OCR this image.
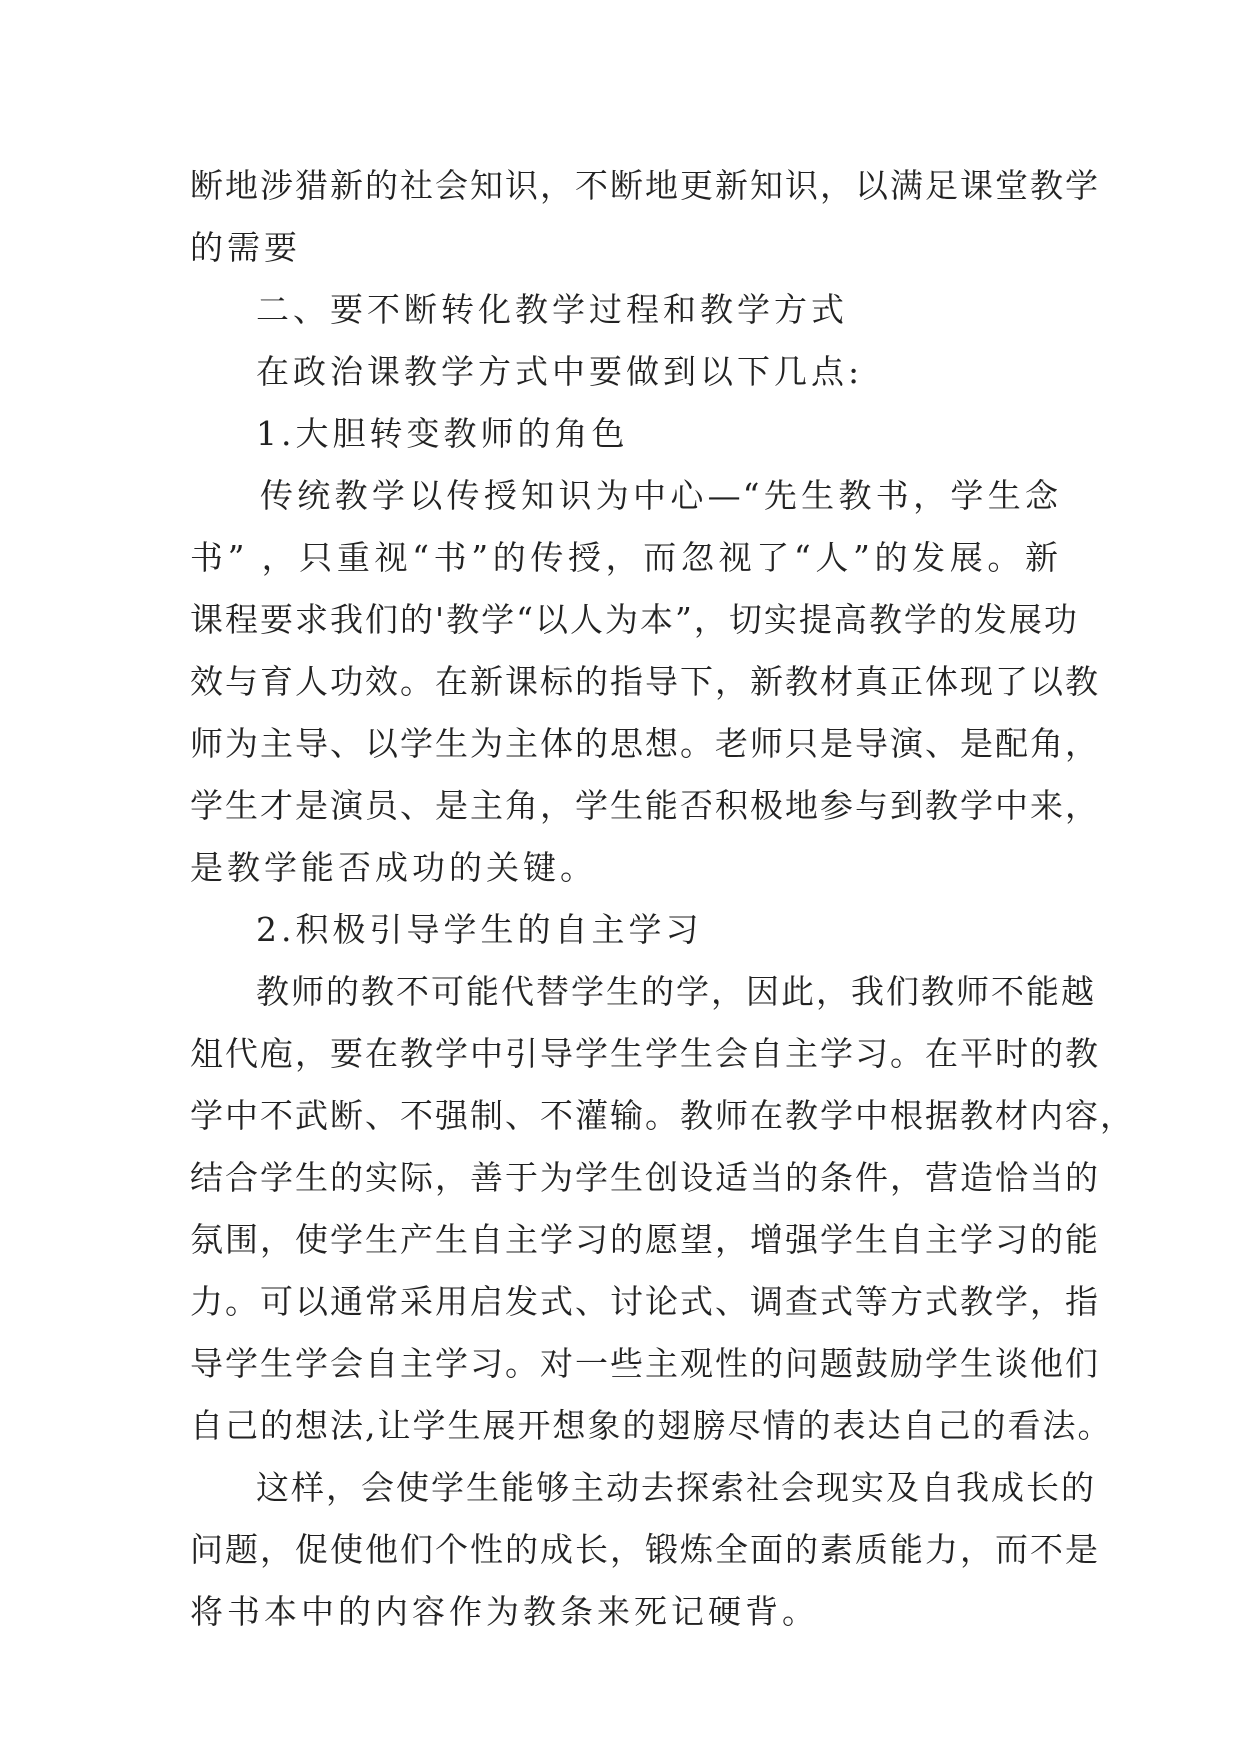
断地涉猎新的社会知识，不断地更新知识，以满足课堂教学
的需要
二、要不断转化教学过程和教学方式
在政治课教学方式中要做到以下几点:
1.大胆转变教师的角色
传统教学以传授知识为中心—“先生教书，学生念
书” ，只重视“书”的传授，而忽视了“人”的发展。新
课程要求我们的'教学“以人为本”，切实提高教学的发展功
效与育人功效。在新课标的指导下，新教材真正体现了以教
师为主导、以学生为主体的思想。老师只是导演、是配角，
学生才是演员、是主角，学生能否积极地参与到教学中来，
是教学能否成功的关键。
2.积极引导学生的自主学习
教师的教不可能代替学生的学，因此，我们教师不能越
俎代庖，要在教学中引导学生学生会自主学习。在平时的教
学中不武断、不强制、不灌输。教师在教学中根据教材内容，
结合学生的实际，善于为学生创设适当的条件，营造恰当的
氛围，使学生产生自主学习的愿望，增强学生自主学习的能
力。可以通常采用启发式、讨论式、调查式等方式教学，指
导学生学会自主学习。对一些主观性的问题鼓励学生谈他们
自己的想法,让学生展开想象的翅膀尽情的表达自己的看法。
这样，会使学生能够主动去探索社会现实及自我成长的
问题，促使他们个性的成长，锻炼全面的素质能力，而不是
将书本中的内容作为教条来死记硬背。
